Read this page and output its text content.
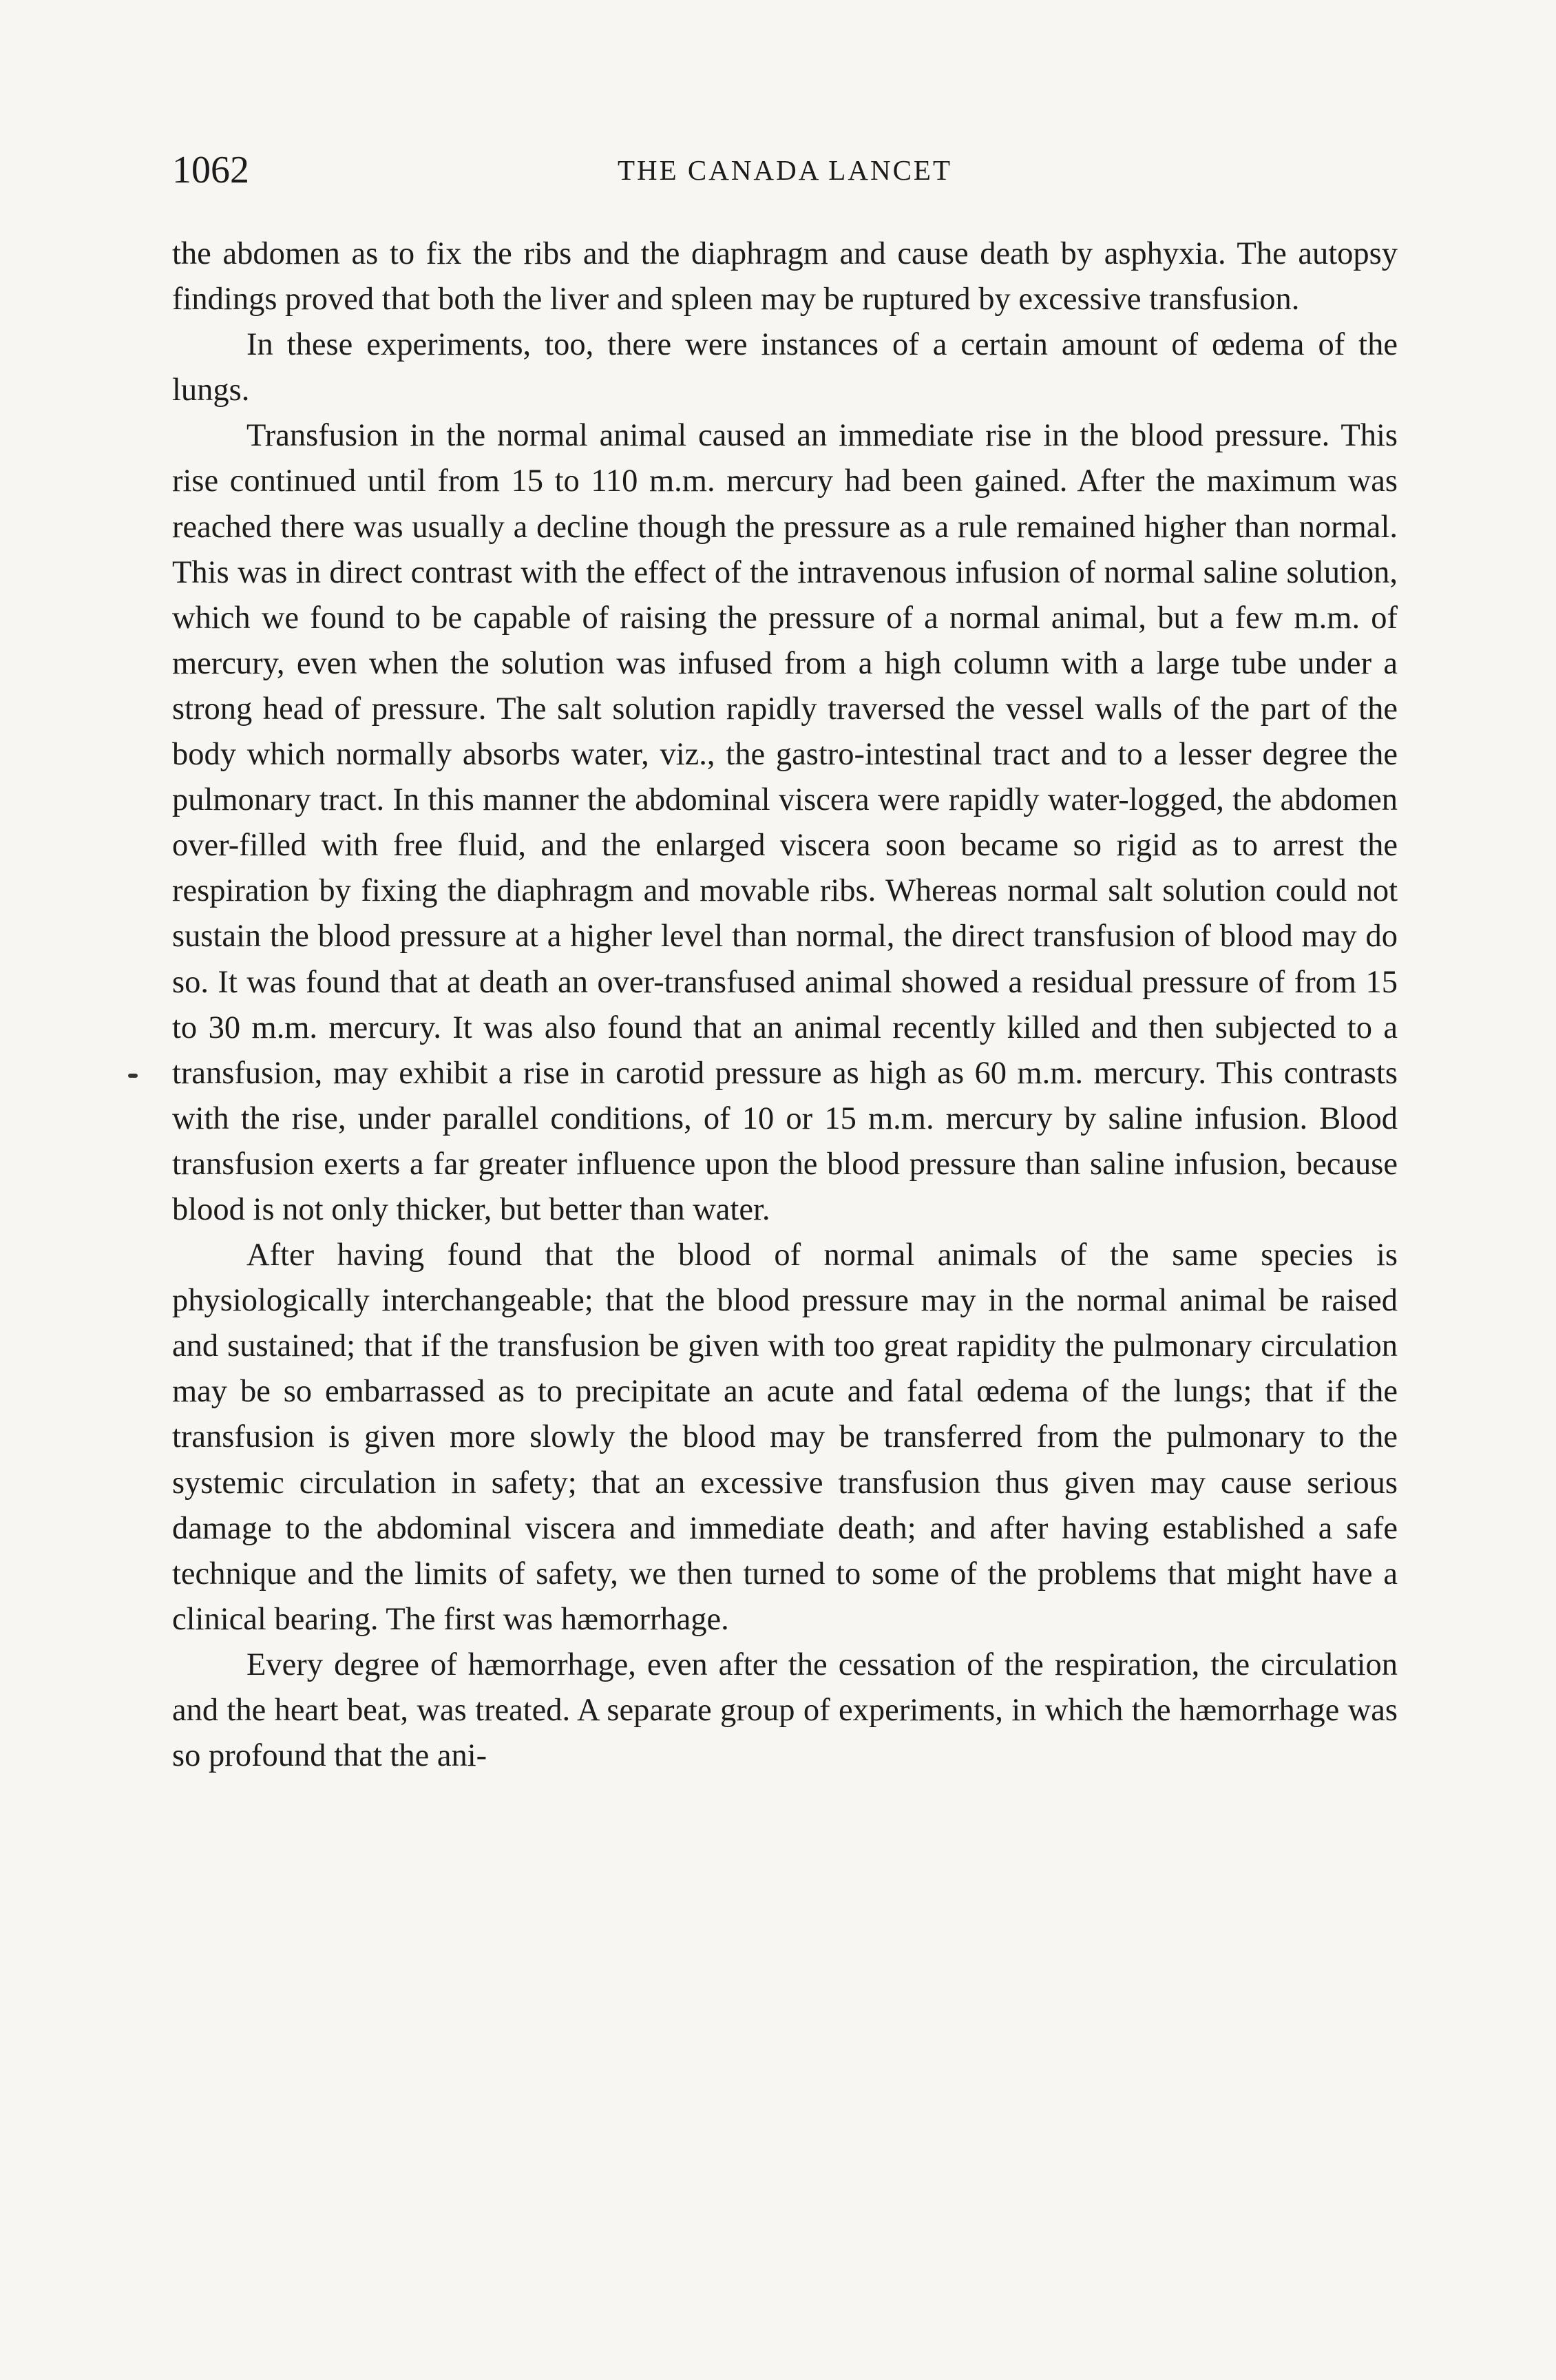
THE CANADA LANCET
1062

the abdomen as to fix the ribs and the diaphragm and cause death by asphyxia. The autopsy findings proved that both the liver and spleen may be ruptured by excessive transfusion.

In these experiments, too, there were instances of a certain amount of œdema of the lungs.

Transfusion in the normal animal caused an immediate rise in the blood pressure. This rise continued until from 15 to 110 m.m. mercury had been gained. After the maximum was reached there was usually a decline though the pressure as a rule remained higher than normal. This was in direct contrast with the effect of the intravenous infusion of normal saline solution, which we found to be capable of raising the pressure of a normal animal, but a few m.m. of mercury, even when the solution was infused from a high column with a large tube under a strong head of pressure. The salt solution rapidly traversed the vessel walls of the part of the body which normally absorbs water, viz., the gastro-intestinal tract and to a lesser degree the pulmonary tract. In this manner the abdominal viscera were rapidly water-logged, the abdomen over-filled with free fluid, and the enlarged viscera soon became so rigid as to arrest the respiration by fixing the diaphragm and movable ribs. Whereas normal salt solution could not sustain the blood pressure at a higher level than normal, the direct transfusion of blood may do so. It was found that at death an over-transfused animal showed a residual pressure of from 15 to 30 m.m. mercury. It was also found that an animal recently killed and then subjected to a transfusion, may exhibit a rise in carotid pressure as high as 60 m.m. mercury. This contrasts with the rise, under parallel conditions, of 10 or 15 m.m. mercury by saline infusion. Blood transfusion exerts a far greater influence upon the blood pressure than saline infusion, because blood is not only thicker, but better than water.

After having found that the blood of normal animals of the same species is physiologically interchangeable; that the blood pressure may in the normal animal be raised and sustained; that if the transfusion be given with too great rapidity the pulmonary circulation may be so embarrassed as to precipitate an acute and fatal œdema of the lungs; that if the transfusion is given more slowly the blood may be transferred from the pulmonary to the systemic circulation in safety; that an excessive transfusion thus given may cause serious damage to the abdominal viscera and immediate death; and after having established a safe technique and the limits of safety, we then turned to some of the problems that might have a clinical bearing. The first was hæmorrhage.

Every degree of hæmorrhage, even after the cessation of the respiration, the circulation and the heart beat, was treated. A separate group of experiments, in which the hæmorrhage was so profound that the ani-
